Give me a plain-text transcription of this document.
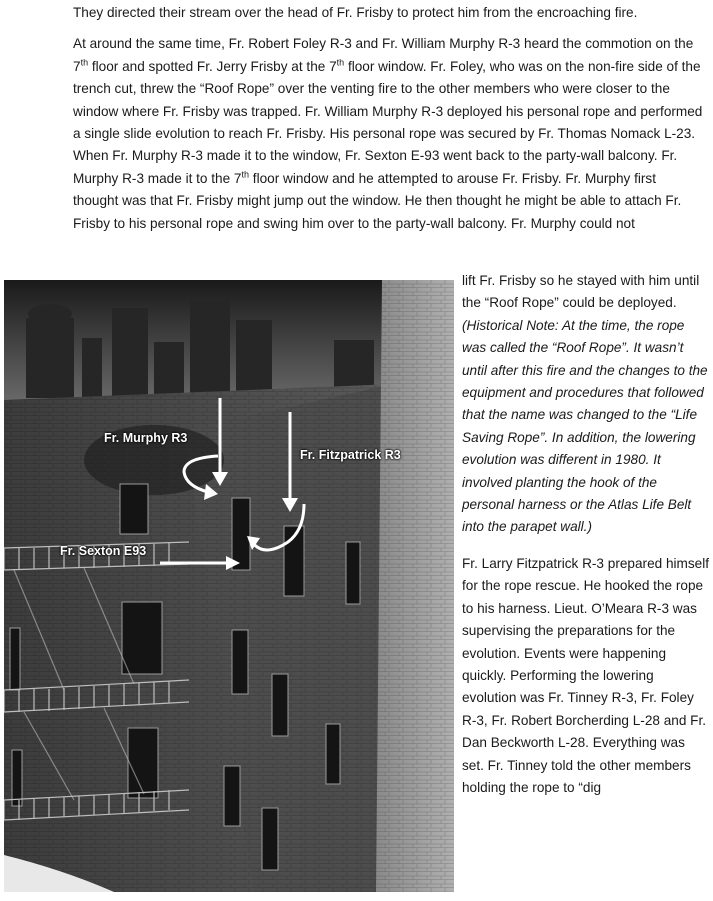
They directed their stream over the head of Fr. Frisby to protect him from the encroaching fire.

At around the same time, Fr. Robert Foley R-3 and Fr. William Murphy R-3 heard the commotion on the 7th floor and spotted Fr. Jerry Frisby at the 7th floor window. Fr. Foley, who was on the non-fire side of the trench cut, threw the “Roof Rope” over the venting fire to the other members who were closer to the window where Fr. Frisby was trapped. Fr. William Murphy R-3 deployed his personal rope and performed a single slide evolution to reach Fr. Frisby. His personal rope was secured by Fr. Thomas Nomack L-23. When Fr. Murphy R-3 made it to the window, Fr. Sexton E-93 went back to the party-wall balcony. Fr. Murphy R-3 made it to the 7th floor window and he attempted to arouse Fr. Frisby. Fr. Murphy first thought was that Fr. Frisby might jump out the window. He then thought he might be able to attach Fr. Frisby to his personal rope and swing him over to the party-wall balcony. Fr. Murphy could not

lift Fr. Frisby so he stayed with him until the “Roof Rope” could be deployed. (Historical Note: At the time, the rope was called the “Roof Rope”. It wasn’t until after this fire and the changes to the equipment and procedures that followed that the name was changed to the “Life Saving Rope”. In addition, the lowering evolution was different in 1980. It involved planting the hook of the personal harness or the Atlas Life Belt into the parapet wall.)

Fr. Larry Fitzpatrick R-3 prepared himself for the rope rescue. He hooked the rope to his harness. Lieut. O’Meara R-3 was supervising the preparations for the evolution. Events were happening quickly. Performing the lowering evolution was Fr. Tinney R-3, Fr. Foley R-3, Fr. Robert Borcherding L-28 and Fr. Dan Beckworth L-28. Everything was set. Fr. Tinney told the other members holding the rope to “dig

Fr. Murphy R3
Fr. Fitzpatrick R3
Fr. Sexton E93
